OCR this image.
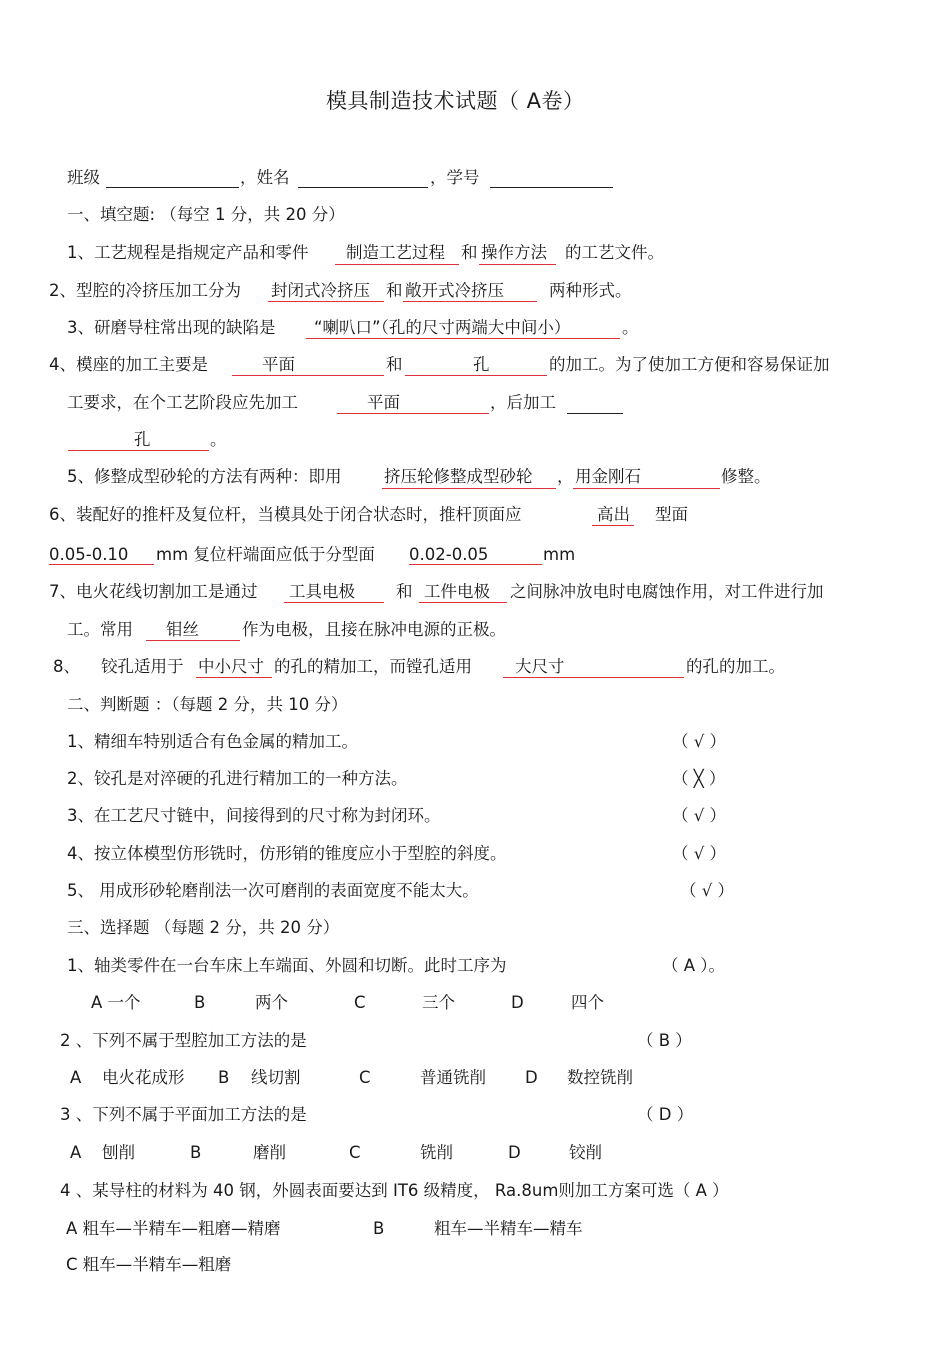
模具制造技术试题（ A卷）
班级	，姓名	，学号
一、填空题: （每空 1 分，共 20 分）
1、工艺规程是指规定产品和零件 制造工艺过程 和 操作方法 的工艺文件。
2、型腔的冷挤压加工分为 封闭式冷挤压 和 敞开式冷挤压	两种形式。
3、研磨导柱常出现的缺陷是 “喇叭口”（孔的尺寸两端大中间小）	。
4、模座的加工主要是	平面	和	孔	的加工。为了使加工方便和容易保证加
工要求，在个工艺阶段应先加工	平面	，后加工
孔	。
5、修整成型砂轮的方法有两种：即用	挤压轮修整成型砂轮 ， 用金刚石	修整。
6、装配好的推杆及复位杆，当模具处于闭合状态时，推杆顶面应	高出 型面
0.05-0.10 mm 复位杆端面应低于分型面 0.02-0.05	mm
7、电火花线切割加工是通过 工具电极 和 工件电极 之间脉冲放电时电腐蚀作用，对工件进行加
工。常用 钼丝	作为电极，且接在脉冲电源的正极。
8、 铰孔适用于 中小尺寸 的孔的精加工，而镗孔适用	大尺寸	的孔的加工。
二、判断题 ：（每题 2 分，共 10 分）
1、精细车特别适合有色金属的精加工。	（ √ ）
2、铰孔是对淬硬的孔进行精加工的一种方法。	（ ╳ ）
3、在工艺尺寸链中，间接得到的尺寸称为封闭环。	（ √ ）
4、按立体模型仿形铣时，仿形销的锥度应小于型腔的斜度。	（ √ ）
5、 用成形砂轮磨削法一次可磨削的表面宽度不能太大。	（ √ ）
三、选择题 （每题 2 分，共 20 分）
1、轴类零件在一台车床上车端面、外圆和切断。此时工序为	（ A ）。
A 一个	B	两个	C	三个	D	四个
2 、下列不属于型腔加工方法的是	（ B ）
A 电火花成形 B 线切割	C	普通铣削 D 数控铣削
3 、下列不属于平面加工方法的是	（ D ）
A 刨削	B	磨削	C	铣削	D	铰削
4 、某导柱的材料为 40 钢，外圆表面要达到 IT6 级精度， Ra.8um则加工方案可选（ A ）
A 粗车—半精车—粗磨—精磨	B	粗车—半精车—精车
C 粗车—半精车—粗磨
